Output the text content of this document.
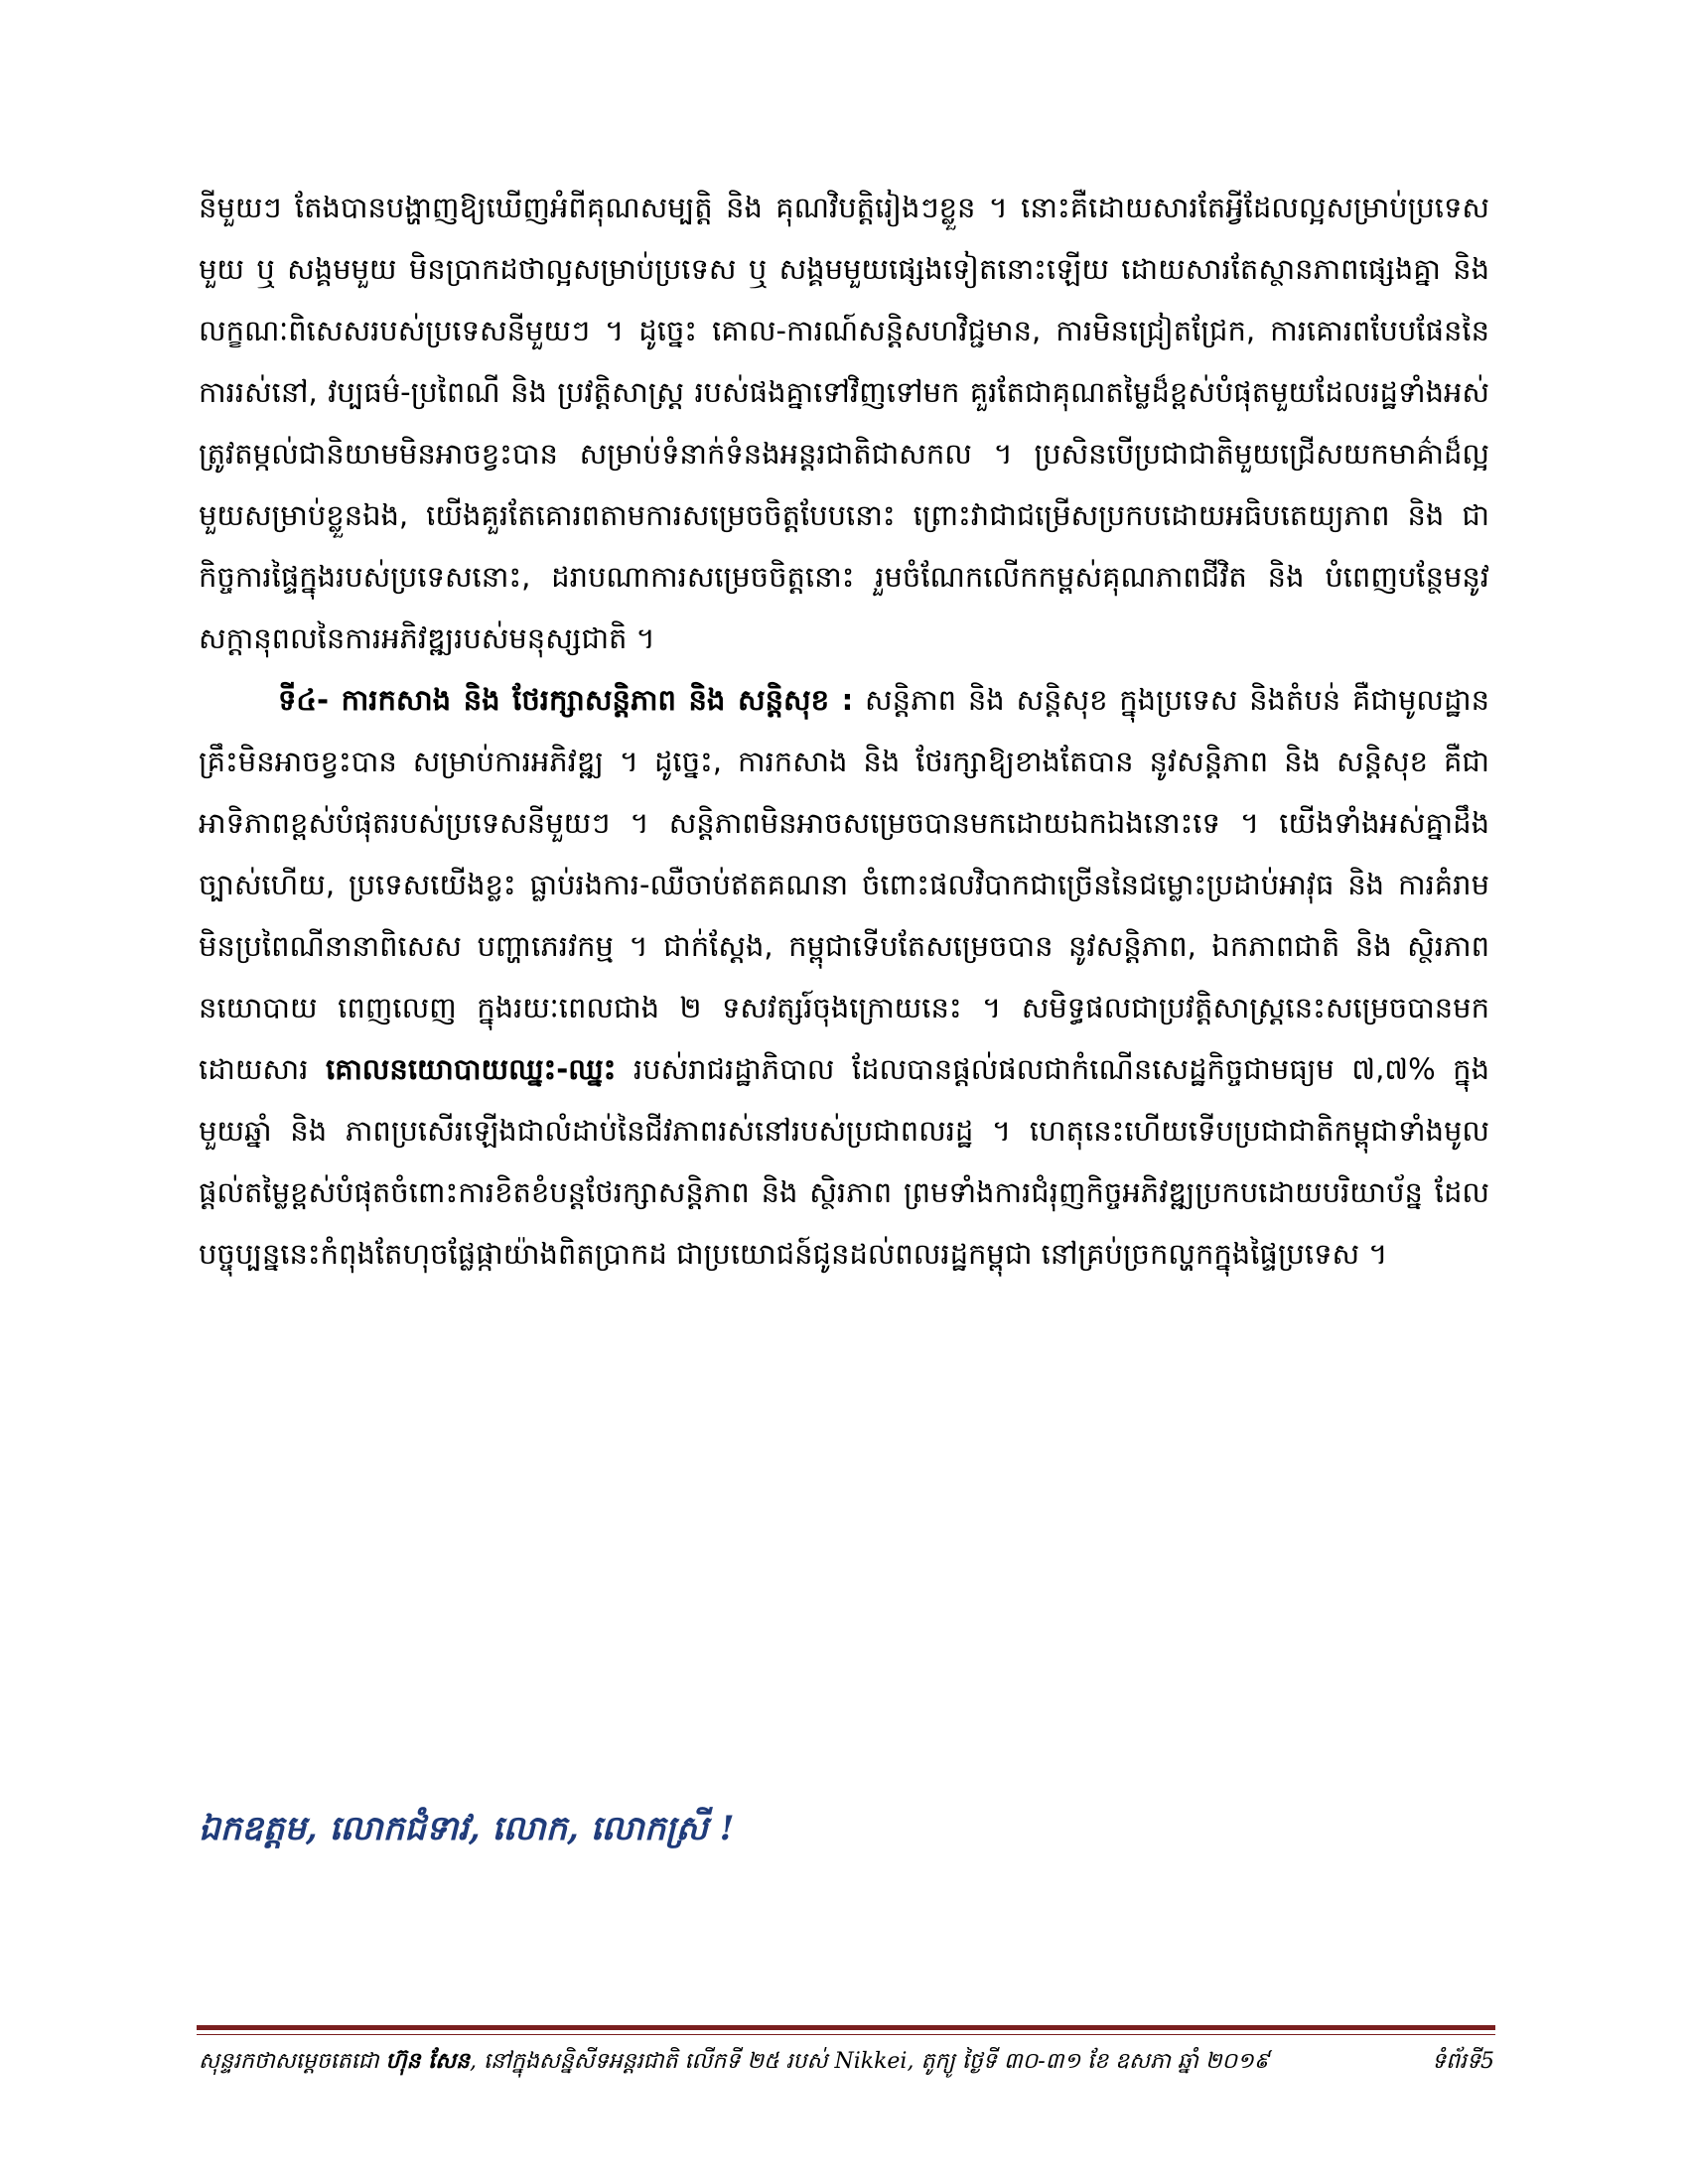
នីមួយៗ តែងបានបង្ហាញឱ្យឃើញអំពីគុណសម្បត្តិ និង គុណវិបត្តិរៀងៗខ្លួន ។ នោះគឺដោយសារតែអ្វីដែលល្អសម្រាប់ប្រទេសមួយ ឬ សង្គមមួយ មិនប្រាកដថាល្អសម្រាប់ប្រទេស ឬ សង្គមមួយផ្សេងទៀតនោះឡើយ ដោយសារតែស្ថានភាពផ្សេងគ្នា និង លក្ខណៈពិសេសរបស់ប្រទេសនីមួយៗ ។ ដូច្នេះ គោល-ការណ៍សន្តិសហវិជ្ជមាន, ការមិនជ្រៀតជ្រែក, ការគោរពបែបផែននៃការរស់នៅ, វប្បធម៌-ប្រពៃណី និង ប្រវត្តិសាស្ត្រ របស់ផងគ្នាទៅវិញទៅមក គួរតែជាគុណតម្លៃដ៏ខ្ពស់បំផុតមួយដែលរដ្ឋទាំងអស់ ត្រូវតម្កល់ជានិយាមមិនអាចខ្វះបាន សម្រាប់ទំនាក់ទំនងអន្តរជាតិជាសកល ។ ប្រសិនបើប្រជាជាតិមួយជ្រើសយកមាគ៌ាដ៏ល្អមួយសម្រាប់ខ្លួនឯង, យើងគួរតែគោរពតាមការសម្រេចចិត្តបែបនោះ ព្រោះវាជាជម្រើសប្រកបដោយអធិបតេយ្យភាព និង ជាកិច្ចការផ្ទៃក្នុងរបស់ប្រទេសនោះ, ដរាបណាការសម្រេចចិត្តនោះ រួមចំណែកលើកកម្ពស់គុណភាពជីវិត និង បំពេញបន្ថែមនូវសក្តានុពលនៃការអភិវឌ្ឍរបស់មនុស្សជាតិ ។

ទី៤- ការកសាង និង ថែរក្សាសន្តិភាព និង សន្តិសុខ : សន្តិភាព និង សន្តិសុខ ក្នុងប្រទេស និងតំបន់ គឺជាមូលដ្ឋានគ្រឹះមិនអាចខ្វះបាន សម្រាប់ការអភិវឌ្ឍ ។ ដូច្នេះ, ការកសាង និង ថែរក្សាឱ្យខាងតែបាន នូវសន្តិភាព និង សន្តិសុខ គឺជាអាទិភាពខ្ពស់បំផុតរបស់ប្រទេសនីមួយៗ ។ សន្តិភាពមិនអាចសម្រេចបានមកដោយឯកឯងនោះទេ ។ យើងទាំងអស់គ្នាដឹងច្បាស់ហើយ, ប្រទេសយើងខ្លះ ធ្លាប់រងការ-ឈឺចាប់ឥតគណនា ចំពោះផលវិបាកជាច្រើននៃជម្លោះប្រដាប់អាវុធ និង ការគំរាមមិនប្រពៃណីនានាពិសេស បញ្ហាភេរវកម្ម ។ ជាក់ស្តែង, កម្ពុជាទើបតែសម្រេចបាន នូវសន្តិភាព, ឯកភាពជាតិ និង ស្ថិរភាពនយោបាយ ពេញលេញ ក្នុងរយៈពេលជាង ២ ទសវត្សរ៍ចុងក្រោយនេះ ។ សមិទ្ធផលជាប្រវត្តិសាស្ត្រនេះសម្រេចបានមកដោយសារ គោលនយោបាយឈ្នះ-ឈ្នះ របស់រាជរដ្ឋាភិបាល ដែលបានផ្តល់ផលជាកំណើនសេដ្ឋកិច្ចជាមធ្យម ៧,៧% ក្នុងមួយឆ្នាំ និង ភាពប្រសើរឡើងជាលំដាប់នៃជីវភាពរស់នៅរបស់ប្រជាពលរដ្ឋ ។ ហេតុនេះហើយទើបប្រជាជាតិកម្ពុជាទាំងមូល ផ្តល់តម្លៃខ្ពស់បំផុតចំពោះការខិតខំបន្តថែរក្សាសន្តិភាព និង ស្ថិរភាព ព្រមទាំងការជំរុញកិច្ចអភិវឌ្ឍប្រកបដោយបរិយាប័ន្ន ដែលបច្ចុប្បន្ននេះកំពុងតែហុចផ្លែផ្កាយ៉ាងពិតប្រាកដ ជាប្រយោជន៍ជូនដល់ពលរដ្ឋកម្ពុជា នៅគ្រប់ច្រកល្ហកក្នុងផ្ទៃប្រទេស ។

ឯកឧត្តម, លោកជំទាវ, លោក, លោកស្រី !
សុន្ទរកថាសម្តេចតេជោ ហ៊ុន សែន, នៅក្នុងសន្និសីទអន្តរជាតិ លើកទី ២៥ របស់ Nikkei, តូក្យូ ថ្ងៃទី ៣០-៣១ ខែ ឧសភា ឆ្នាំ ២០១៩	ទំព័រទី5
